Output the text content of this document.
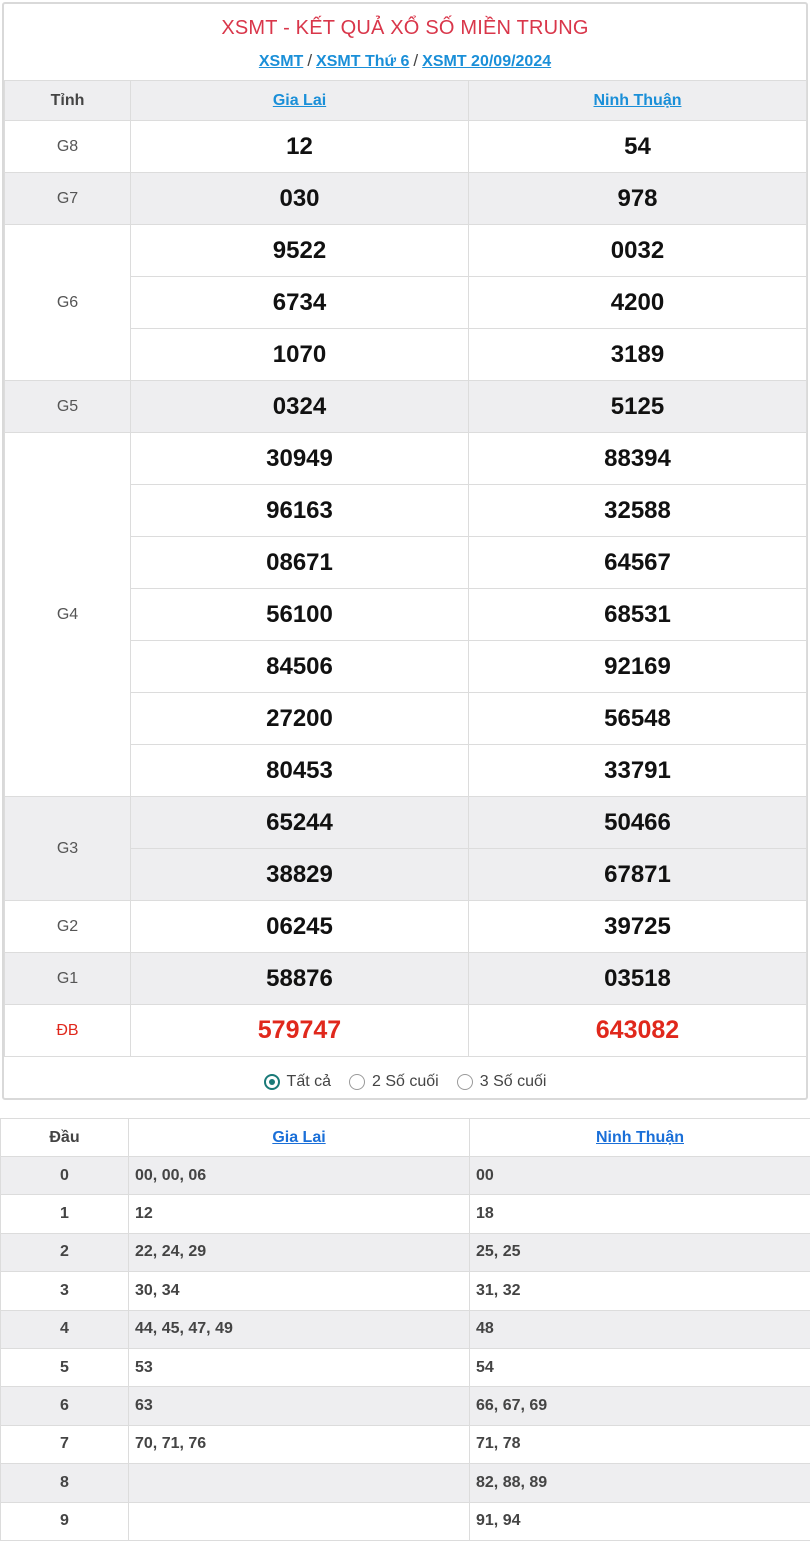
XSMT - KẾT QUẢ XỔ SỐ MIỀN TRUNG
XSMT / XSMT Thứ 6 / XSMT 20/09/2024
Tỉnh	Gia Lai	Ninh Thuận
G8	12	54
G7	030	978
G6	9522	0032
	6734	4200
	1070	3189
G5	0324	5125
G4	30949	88394
	96163	32588
	08671	64567
	56100	68531
	84506	92169
	27200	56548
	80453	33791
G3	65244	50466
	38829	67871
G2	06245	39725
G1	58876	03518
ĐB	579747	643082
Tất cả	2 Số cuối	3 Số cuối
Đầu	Gia Lai	Ninh Thuận
0	00, 00, 06	00
1	12	18
2	22, 24, 29	25, 25
3	30, 34	31, 32
4	44, 45, 47, 49	48
5	53	54
6	63	66, 67, 69
7	70, 71, 76	71, 78
8		82, 88, 89
9		91, 94
